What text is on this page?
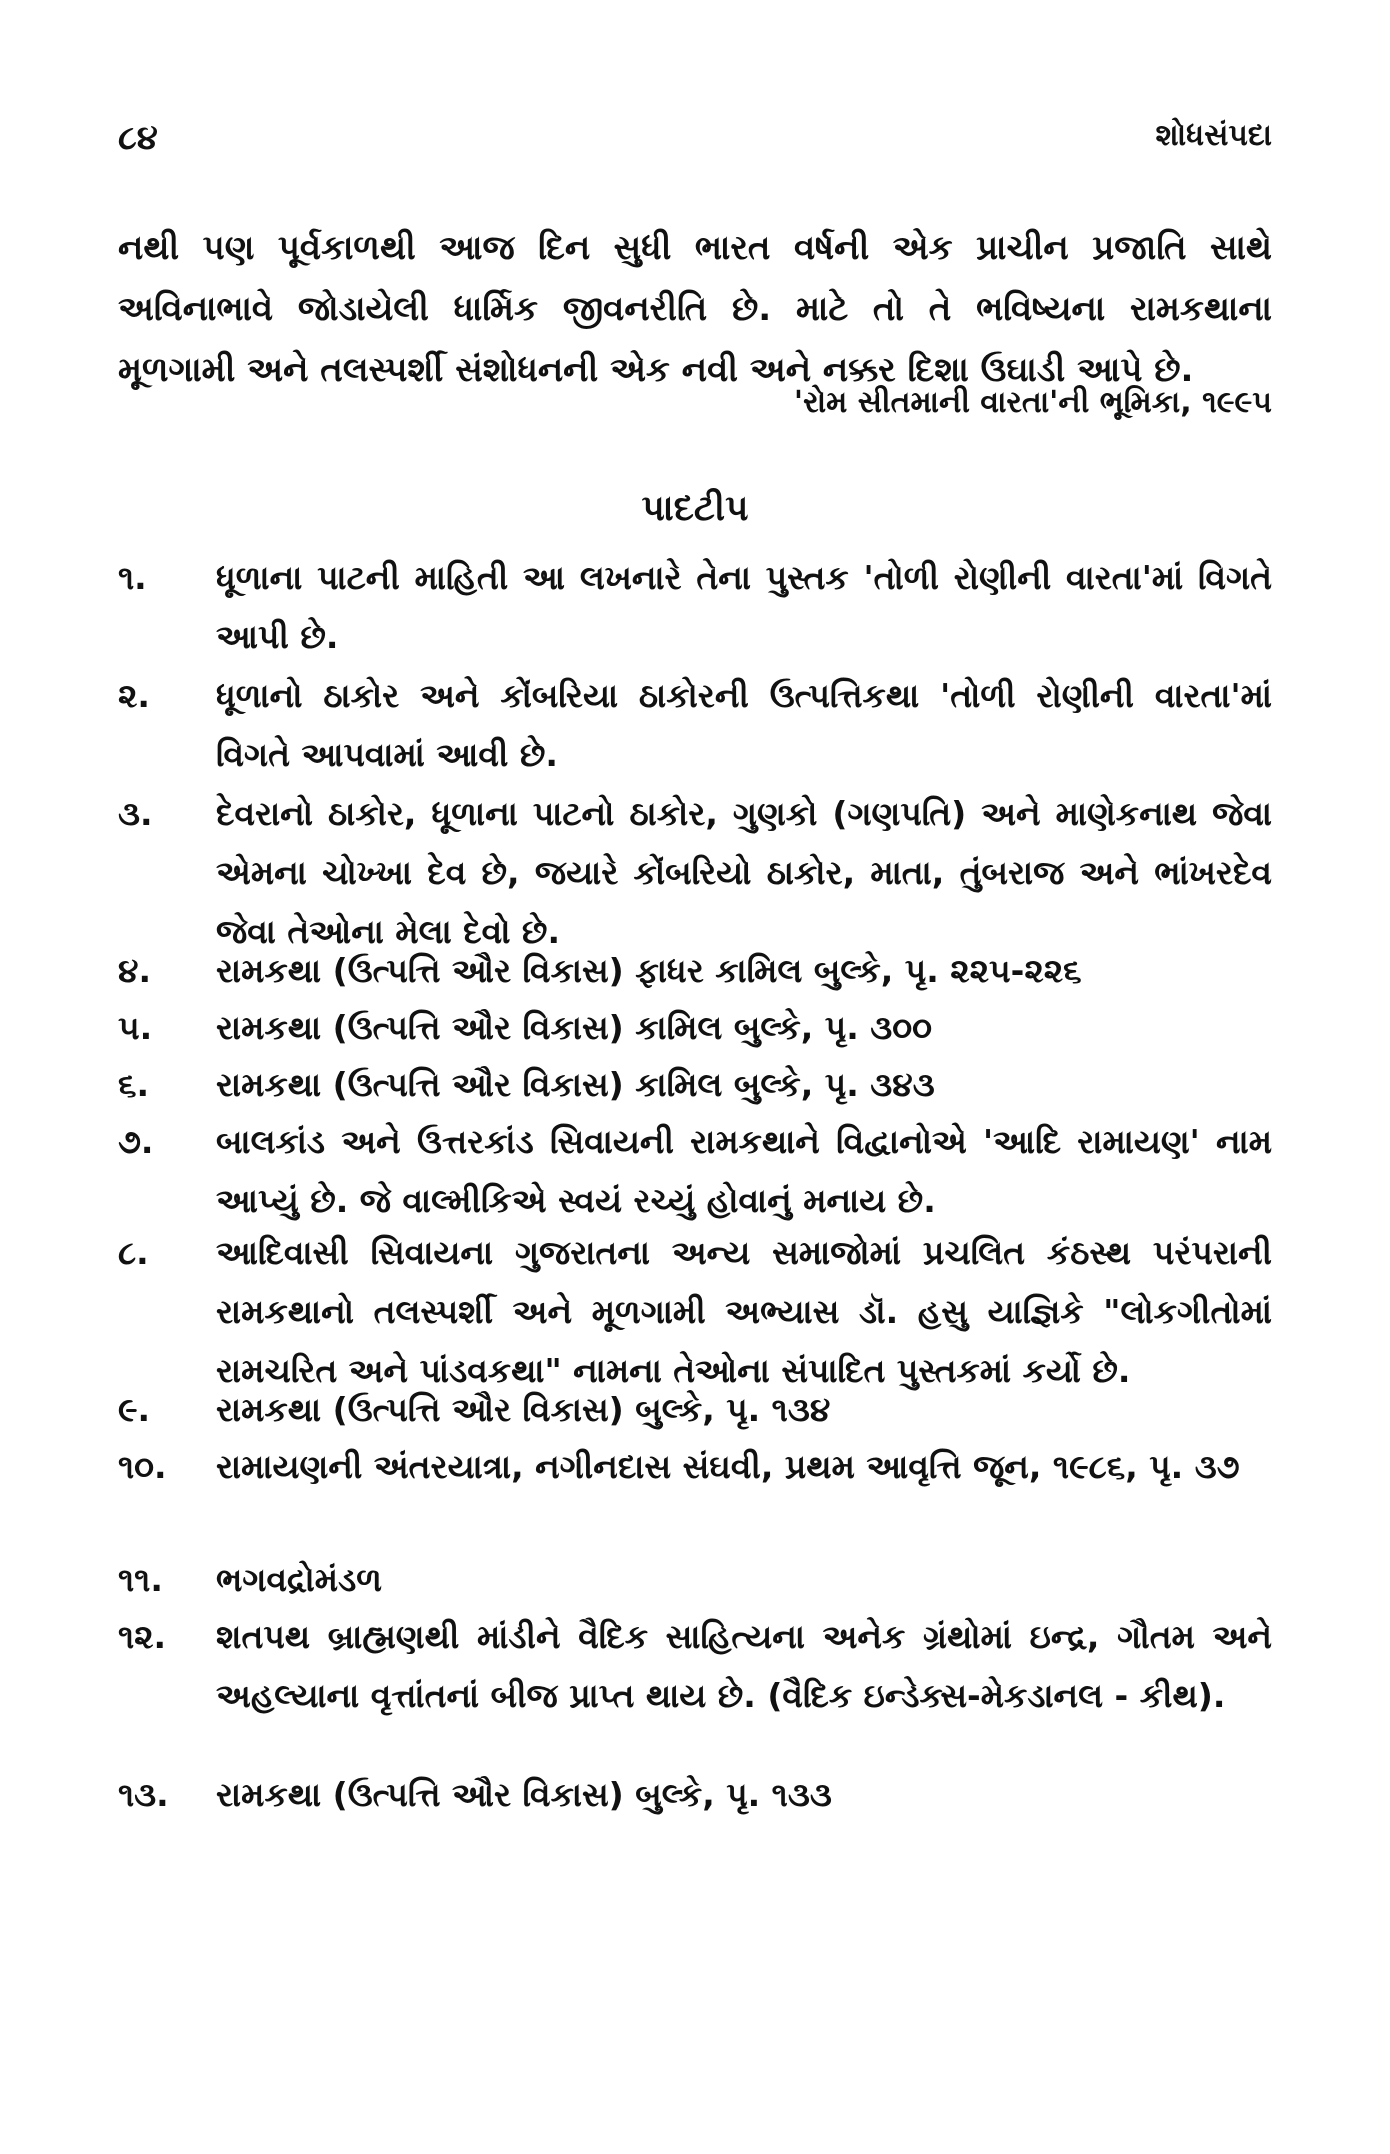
૮૪	શોધસંપદા

નથી પણ પૂર્વકાળથી આજ દિન સુધી ભારત વર્ષની એક પ્રાચીન પ્રજાતિ સાથે અવિનાભાવે જોડાયેલી ધાર્મિક જીવનરીતિ છે. માટે તો તે ભવિષ્યના રામકથાના મૂળગામી અને તલસ્પર્શી સંશોધનની એક નવી અને નક્કર દિશા ઉઘાડી આપે છે.

'રોમ સીતમાની વારતા'ની ભૂમિકા, ૧૯૯૫
પાદટીપ
૧. ધૂળાના પાટની માહિતી આ લખનારે તેના પુસ્તક 'તોળી રોણીની વારતા'માં વિગતે આપી છે.
૨. ધૂળાનો ઠાકોર અને કોંબરિયા ઠાકોરની ઉત્પત્તિકથા 'તોળી રોણીની વારતા'માં વિગતે આપવામાં આવી છે.
૩. દેવરાનો ઠાકોર, ધૂળાના પાટનો ઠાકોર, ગુણકો (ગણપતિ) અને માણેકનાથ જેવા એમના ચોખ્ખા દેવ છે, જયારે કોંબરિયો ઠાકોર, માતા, તુંબરાજ અને ભાંખરદેવ જેવા તેઓના મેલા દેવો છે.
૪. રામકથા (ઉત્પત્તિ ઔર વિકાસ) ફાધર કામિલ બુલ્કે, પૃ. ૨૨૫-૨૨૬
૫. રામકથા (ઉત્પત્તિ ઔર વિકાસ) કામિલ બુલ્કે, પૃ. ૩૦૦
૬. રામકથા (ઉત્પત્તિ ઔર વિકાસ) કામિલ બુલ્કે, પૃ. ૩૪૩
૭. બાલકાંડ અને ઉત્તરકાંડ સિવાયની રામકથાને વિદ્વાનોએ 'આદિ રામાયણ' નામ આપ્યું છે. જે વાલ્મીકિએ સ્વયં રચ્યું હોવાનું મનાય છે.
૮. આદિવાસી સિવાયના ગુજરાતના અન્ય સમાજોમાં પ્રચલિત કંઠસ્થ પરંપરાની રામકથાનો તલસ્પર્શી અને મૂળગામી અભ્યાસ ડૉ. હસુ યાજ્ઞિકે "લોકગીતોમાં રામચરિત અને પાંડવકથા" નામના તેઓના સંપાદિત પુસ્તકમાં કર્યો છે.
૯. રામકથા (ઉત્પત્તિ ઔર વિકાસ) બુલ્કે, પૃ. ૧૩૪
૧૦. રામાયણની અંતરયાત્રા, નગીનદાસ સંઘવી, પ્રથમ આવૃત્તિ જૂન, ૧૯૮૬, પૃ. ૩૭
૧૧. ભગવદ્રોમંડળ
૧૨. શતપથ બ્રાહ્મણથી માંડીને વૈદિક સાહિત્યના અનેક ગ્રંથોમાં ઇન્દ્ર, ગૌતમ અને અહલ્યાના વૃત્તાંતનાં બીજ પ્રાપ્ત થાય છે. (વૈદિક ઇન્ડેક્સ-મેકડાનલ - કીથ).
૧૩. રામકથા (ઉત્પત્તિ ઔર વિકાસ) બુલ્કે, પૃ. ૧૩૩
